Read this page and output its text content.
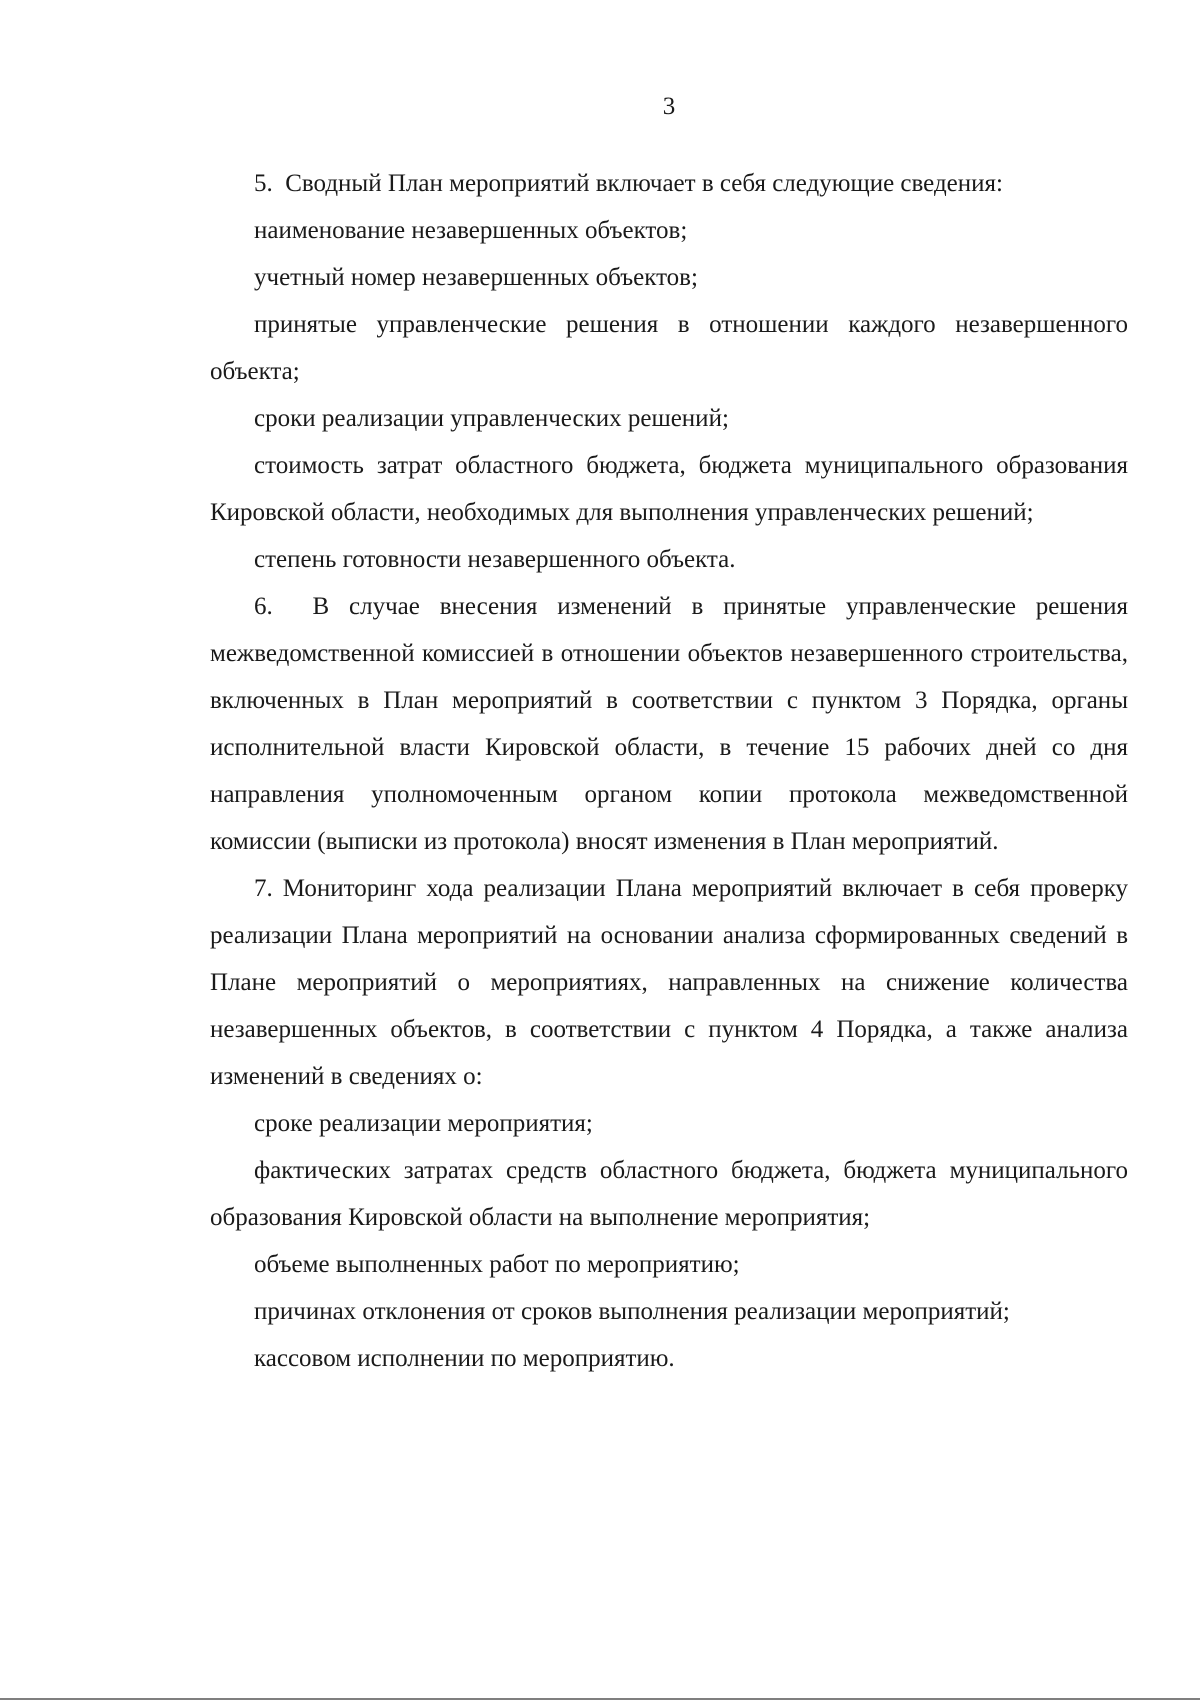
3

5.  Сводный План мероприятий включает в себя следующие сведения:

наименование незавершенных объектов;

учетный номер незавершенных объектов;

принятые управленческие решения в отношении каждого незавершенного объекта;

сроки реализации управленческих решений;

стоимость затрат областного бюджета, бюджета муниципального образования Кировской области, необходимых для выполнения управленческих решений;

степень готовности незавершенного объекта.

6.  В случае внесения изменений в принятые управленческие решения межведомственной комиссией в отношении объектов незавершенного строительства, включенных в План мероприятий в соответствии с пунктом 3 Порядка, органы исполнительной власти Кировской области, в течение 15 рабочих дней со дня направления уполномоченным органом копии протокола межведомственной комиссии (выписки из протокола) вносят изменения в План мероприятий.

7. Мониторинг хода реализации Плана мероприятий включает в себя проверку реализации Плана мероприятий на основании анализа сформированных сведений в Плане мероприятий о мероприятиях, направленных на снижение количества незавершенных объектов, в соответствии с пунктом 4 Порядка, а также анализа изменений в сведениях о:

сроке реализации мероприятия;

фактических затратах средств областного бюджета, бюджета муниципального образования Кировской области на выполнение мероприятия;

объеме выполненных работ по мероприятию;

причинах отклонения от сроков выполнения реализации мероприятий;

кассовом исполнении по мероприятию.
